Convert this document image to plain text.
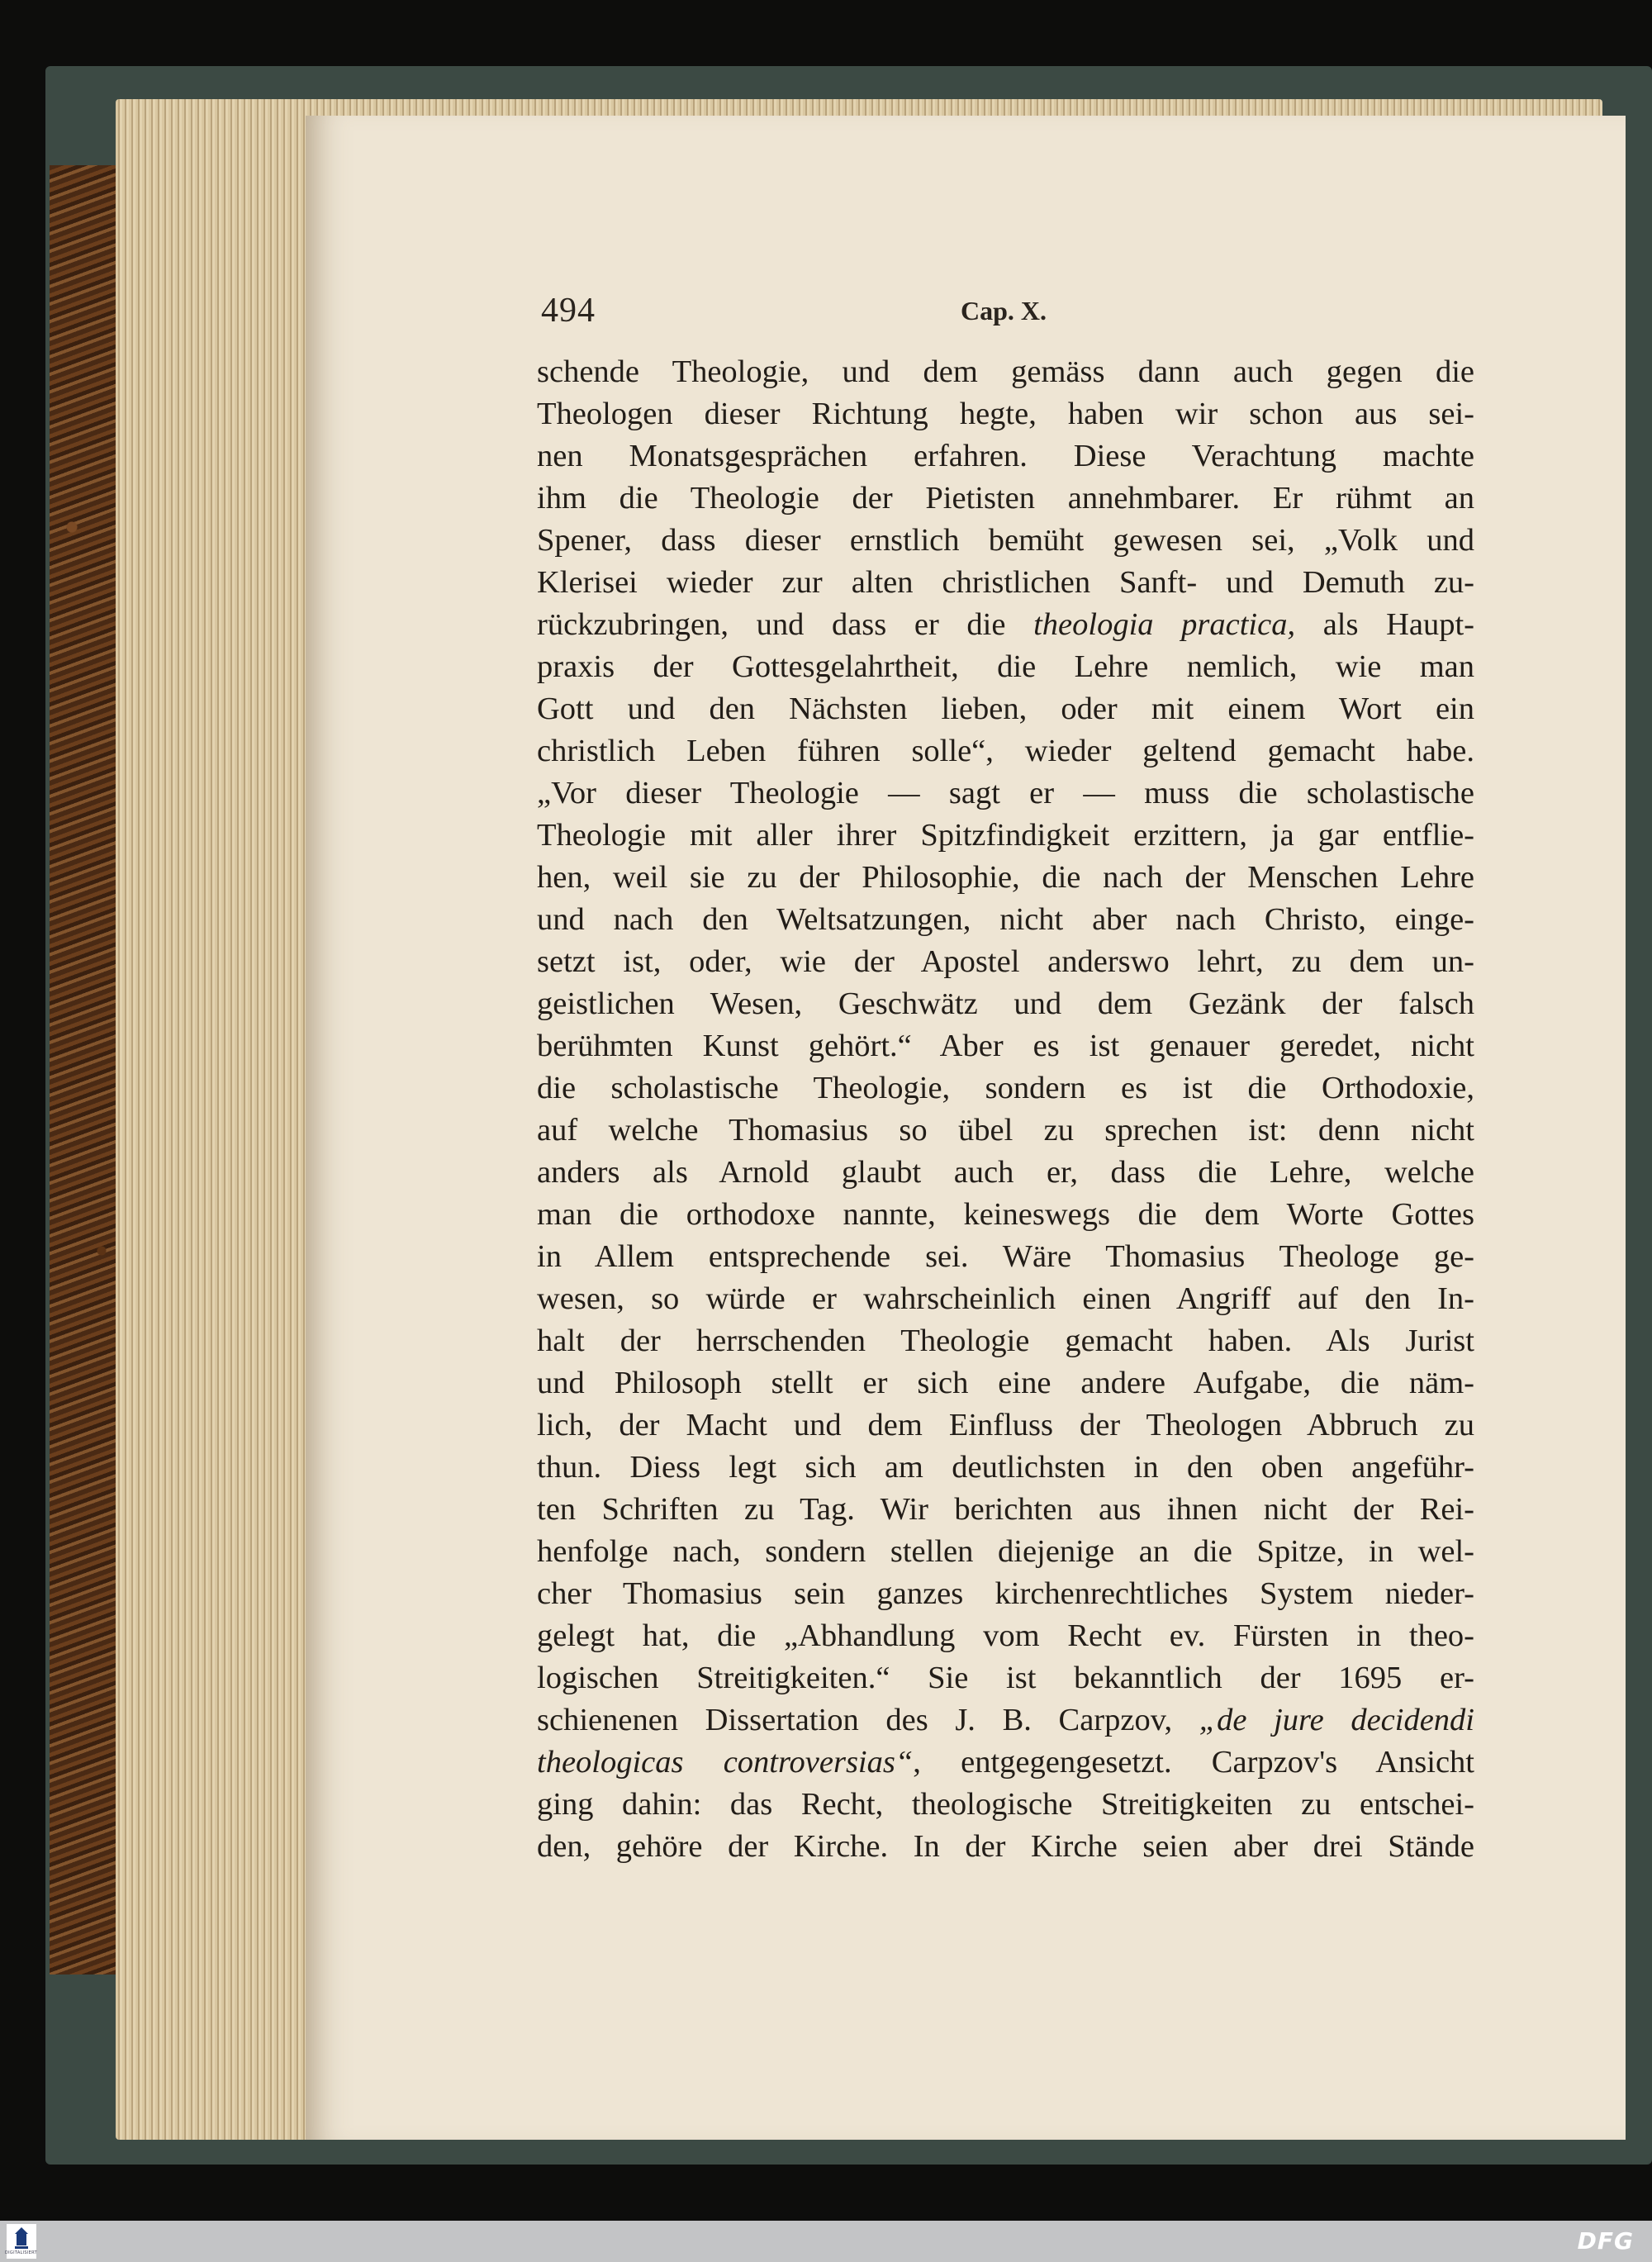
494	Cap. X.
schende Theologie, und dem gemäss dann auch gegen die
Theologen dieser Richtung hegte, haben wir schon aus sei-
nen Monatsgesprächen erfahren. Diese Verachtung machte
ihm die Theologie der Pietisten annehmbarer. Er rühmt an
Spener, dass dieser ernstlich bemüht gewesen sei, „Volk und
Klerisei wieder zur alten christlichen Sanft- und Demuth zu-
rückzubringen, und dass er die theologia practica, als Haupt-
praxis der Gottesgelahrtheit, die Lehre nemlich, wie man
Gott und den Nächsten lieben, oder mit einem Wort ein
christlich Leben führen solle“, wieder geltend gemacht habe.
„Vor dieser Theologie — sagt er — muss die scholastische
Theologie mit aller ihrer Spitzfindigkeit erzittern, ja gar entflie-
hen, weil sie zu der Philosophie, die nach der Menschen Lehre
und nach den Weltsatzungen, nicht aber nach Christo, einge-
setzt ist, oder, wie der Apostel anderswo lehrt, zu dem un-
geistlichen Wesen, Geschwätz und dem Gezänk der falsch
berühmten Kunst gehört.“ Aber es ist genauer geredet, nicht
die scholastische Theologie, sondern es ist die Orthodoxie,
auf welche Thomasius so übel zu sprechen ist: denn nicht
anders als Arnold glaubt auch er, dass die Lehre, welche
man die orthodoxe nannte, keineswegs die dem Worte Gottes
in Allem entsprechende sei. Wäre Thomasius Theologe ge-
wesen, so würde er wahrscheinlich einen Angriff auf den In-
halt der herrschenden Theologie gemacht haben. Als Jurist
und Philosoph stellt er sich eine andere Aufgabe, die näm-
lich, der Macht und dem Einfluss der Theologen Abbruch zu
thun. Diess legt sich am deutlichsten in den oben angeführ-
ten Schriften zu Tag. Wir berichten aus ihnen nicht der Rei-
henfolge nach, sondern stellen diejenige an die Spitze, in wel-
cher Thomasius sein ganzes kirchenrechtliches System nieder-
gelegt hat, die „Abhandlung vom Recht ev. Fürsten in theo-
logischen Streitigkeiten.“ Sie ist bekanntlich der 1695 er-
schienenen Dissertation des J. B. Carpzov, „de jure decidendi
theologicas controversias“, entgegengesetzt. Carpzov's Ansicht
ging dahin: das Recht, theologische Streitigkeiten zu entschei-
den, gehöre der Kirche. In der Kirche seien aber drei Stände
DIGITALISIERT	DFG
